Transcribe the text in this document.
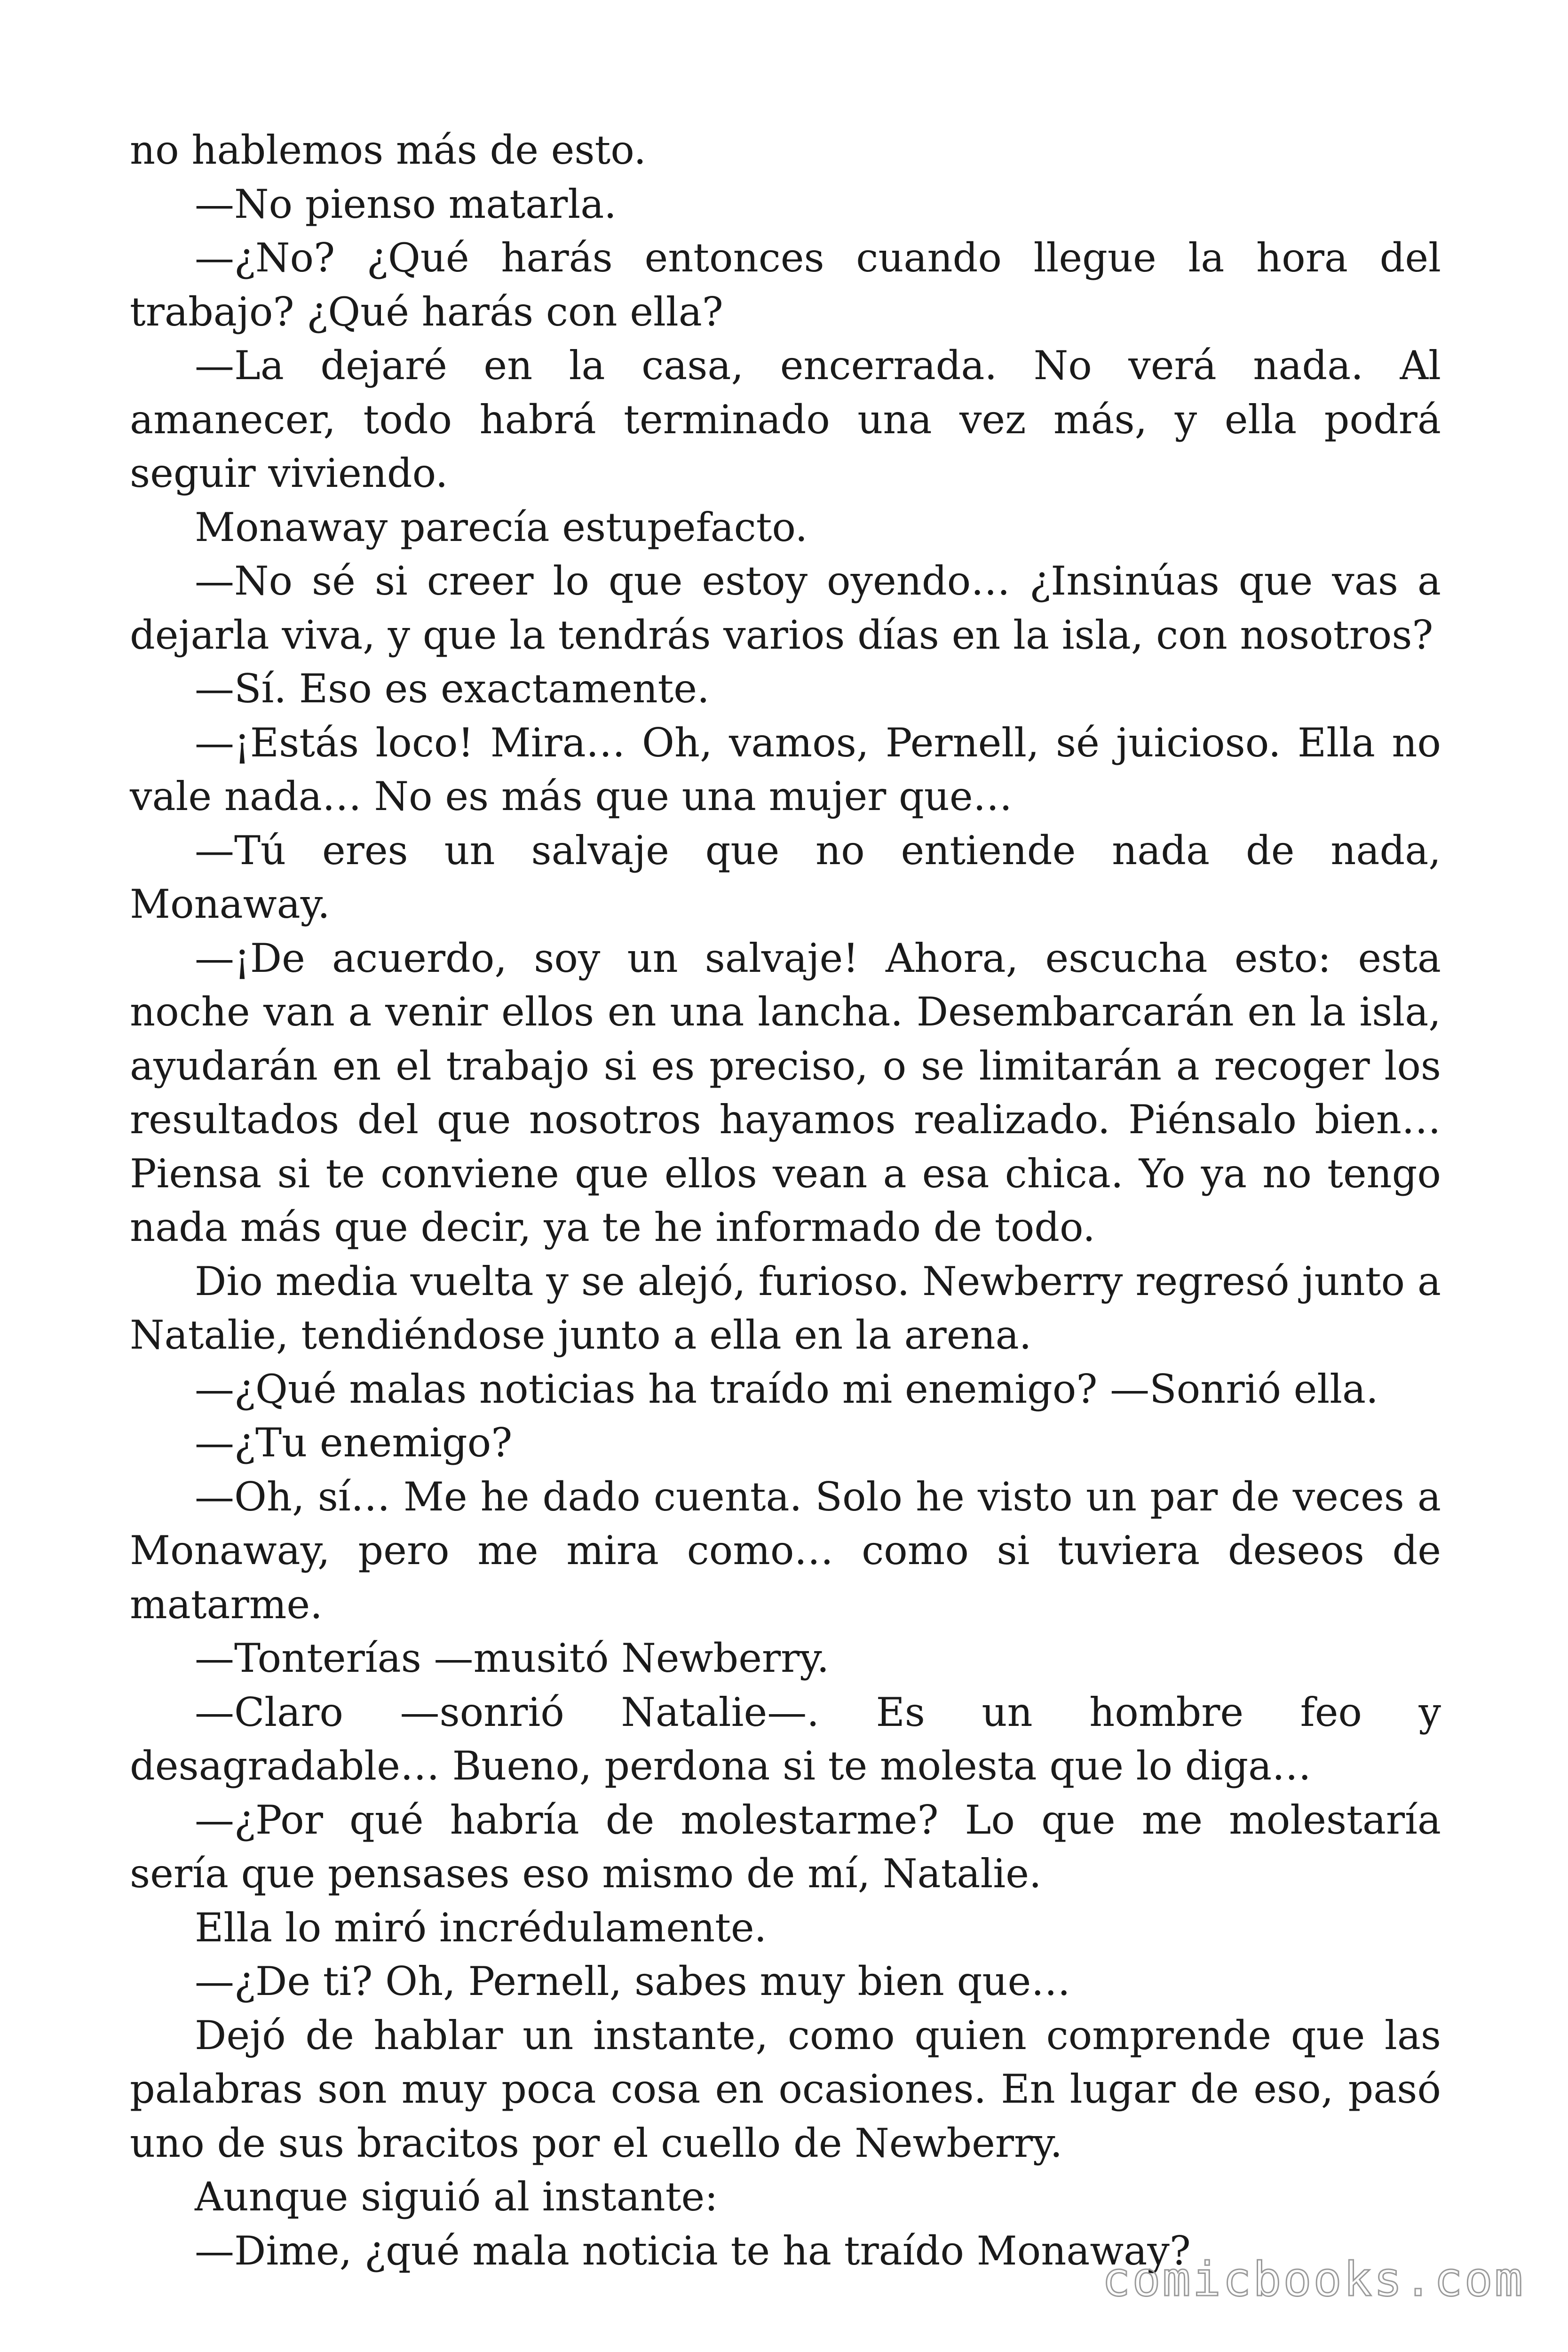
no hablemos más de esto.

—No pienso matarla.

—¿No? ¿Qué harás entonces cuando llegue la hora del trabajo? ¿Qué harás con ella?

—La dejaré en la casa, encerrada. No verá nada. Al amanecer, todo habrá terminado una vez más, y ella podrá seguir viviendo.

Monaway parecía estupefacto.

—No sé si creer lo que estoy oyendo… ¿Insinúas que vas a dejarla viva, y que la tendrás varios días en la isla, con nosotros?

—Sí. Eso es exactamente.

—¡Estás loco! Mira… Oh, vamos, Pernell, sé juicioso. Ella no vale nada… No es más que una mujer que…

—Tú eres un salvaje que no entiende nada de nada, Monaway.

—¡De acuerdo, soy un salvaje! Ahora, escucha esto: esta noche van a venir ellos en una lancha. Desembarcarán en la isla, ayudarán en el trabajo si es preciso, o se limitarán a recoger los resultados del que nosotros hayamos realizado. Piénsalo bien… Piensa si te conviene que ellos vean a esa chica. Yo ya no tengo nada más que decir, ya te he informado de todo.

Dio media vuelta y se alejó, furioso. Newberry regresó junto a Natalie, tendiéndose junto a ella en la arena.

—¿Qué malas noticias ha traído mi enemigo? —Sonrió ella.

—¿Tu enemigo?

—Oh, sí… Me he dado cuenta. Solo he visto un par de veces a Monaway, pero me mira como… como si tuviera deseos de matarme.

—Tonterías —musitó Newberry.

—Claro —sonrió Natalie—. Es un hombre feo y desagradable… Bueno, perdona si te molesta que lo diga…

—¿Por qué habría de molestarme? Lo que me molestaría sería que pensases eso mismo de mí, Natalie.

Ella lo miró incrédulamente.

—¿De ti? Oh, Pernell, sabes muy bien que…

Dejó de hablar un instante, como quien comprende que las palabras son muy poca cosa en ocasiones. En lugar de eso, pasó uno de sus bracitos por el cuello de Newberry.

Aunque siguió al instante:

—Dime, ¿qué mala noticia te ha traído Monaway?

comicbooks.com
